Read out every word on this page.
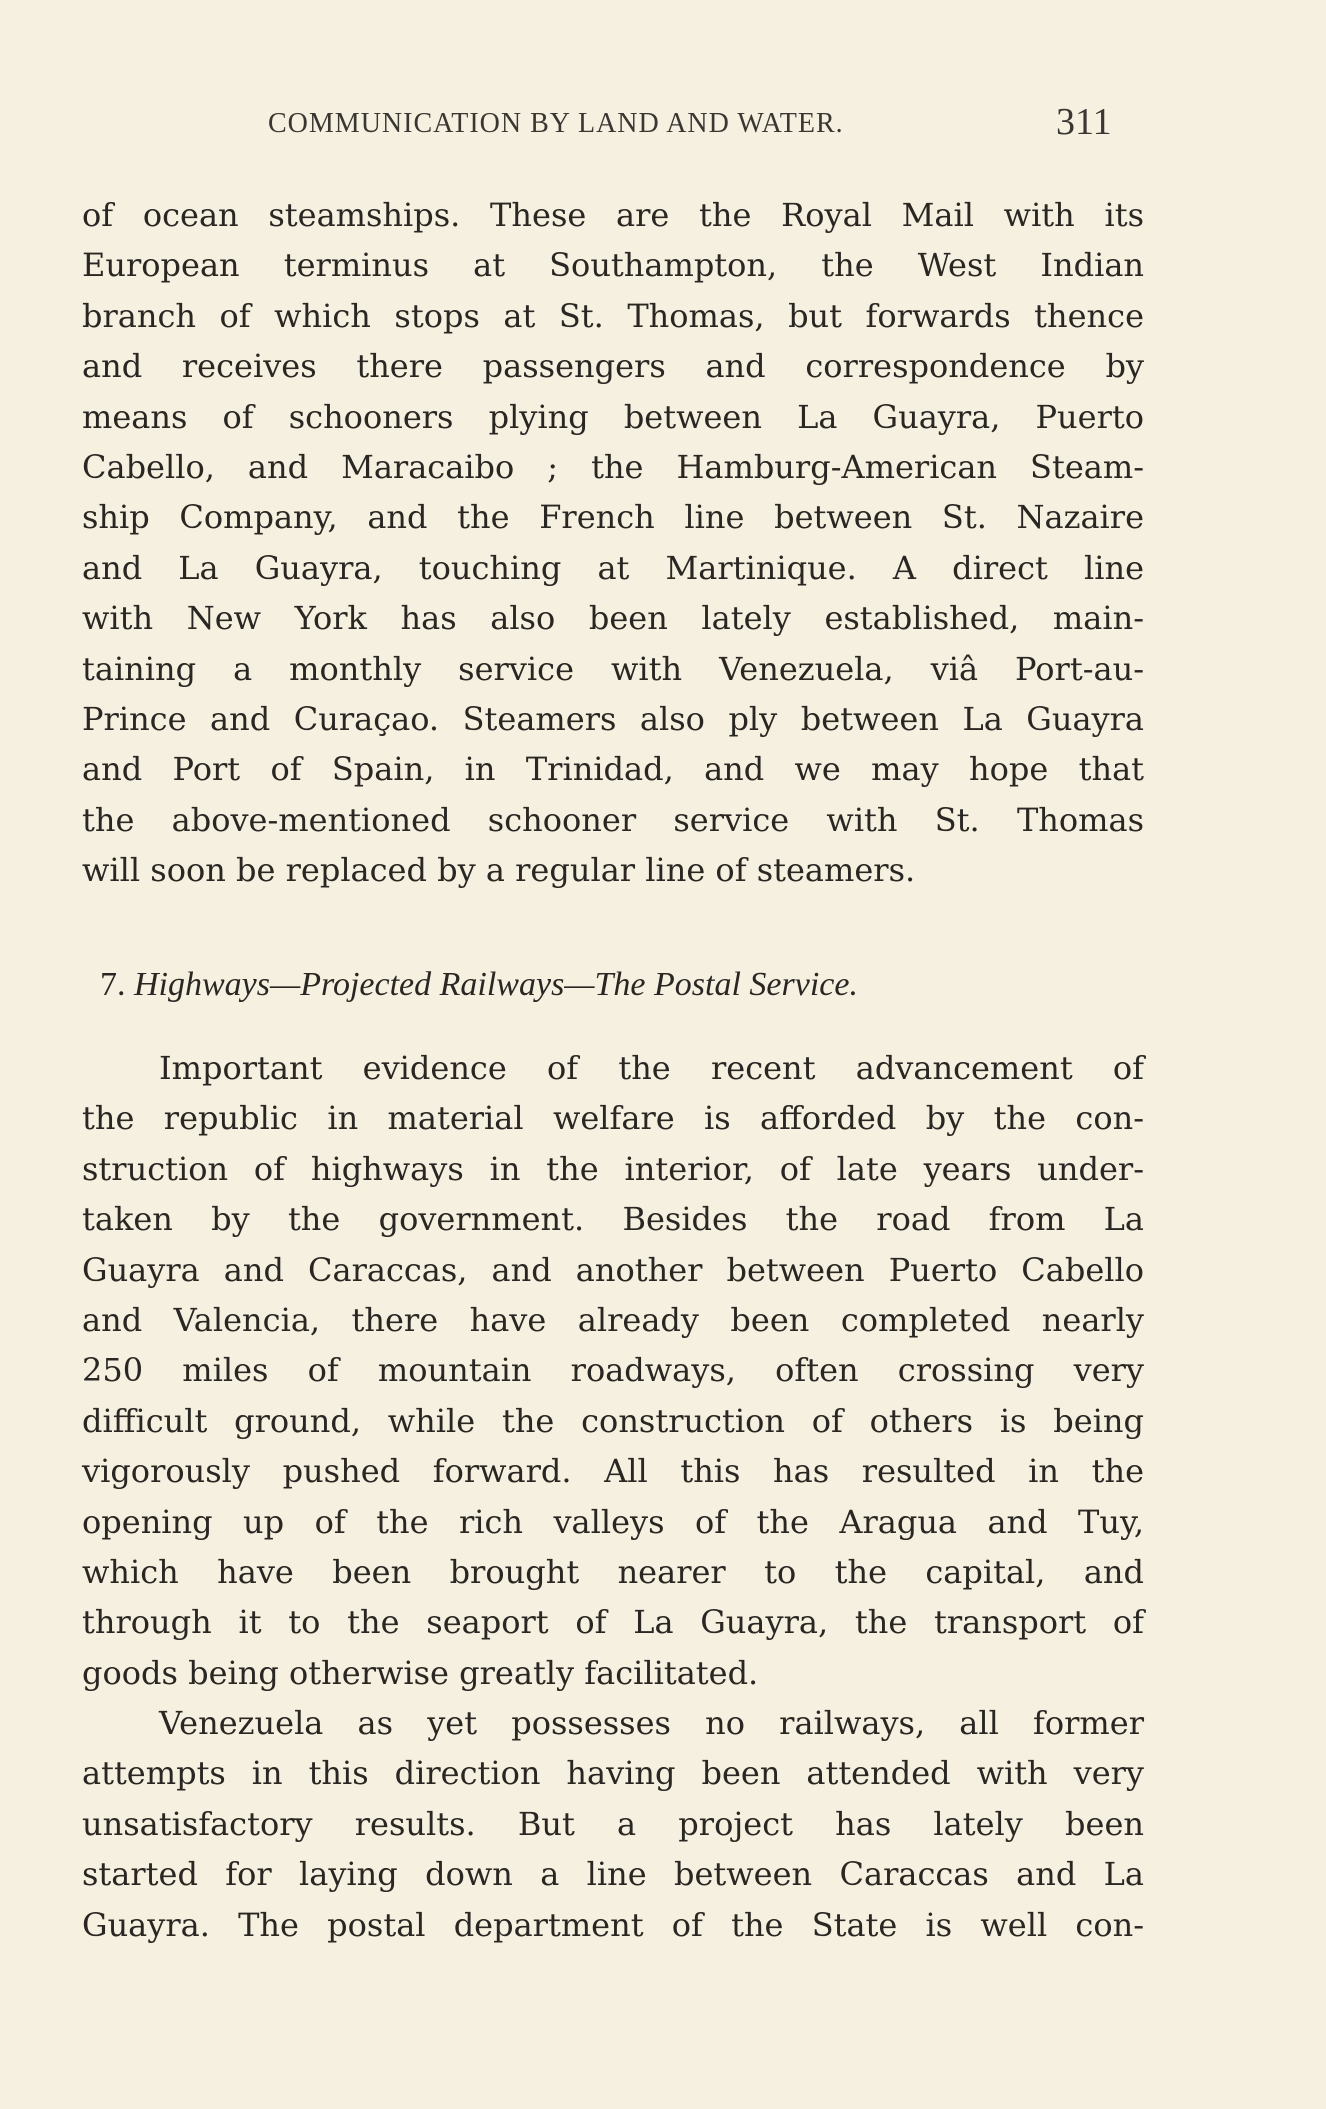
COMMUNICATION BY LAND AND WATER.	311
of ocean steamships. These are the Royal Mail with its
European terminus at Southampton, the West Indian
branch of which stops at St. Thomas, but forwards thence
and receives there passengers and correspondence by
means of schooners plying between La Guayra, Puerto
Cabello, and Maracaibo ; the Hamburg-American Steam-
ship Company, and the French line between St. Nazaire
and La Guayra, touching at Martinique. A direct line
with New York has also been lately established, main-
taining a monthly service with Venezuela, viâ Port-au-
Prince and Curaçao. Steamers also ply between La Guayra
and Port of Spain, in Trinidad, and we may hope that
the above-mentioned schooner service with St. Thomas
will soon be replaced by a regular line of steamers.
7. Highways—Projected Railways—The Postal Service.
Important evidence of the recent advancement of
the republic in material welfare is afforded by the con-
struction of highways in the interior, of late years under-
taken by the government. Besides the road from La
Guayra and Caraccas, and another between Puerto Cabello
and Valencia, there have already been completed nearly
250 miles of mountain roadways, often crossing very
difficult ground, while the construction of others is being
vigorously pushed forward. All this has resulted in the
opening up of the rich valleys of the Aragua and Tuy,
which have been brought nearer to the capital, and
through it to the seaport of La Guayra, the transport of
goods being otherwise greatly facilitated.
Venezuela as yet possesses no railways, all former
attempts in this direction having been attended with very
unsatisfactory results. But a project has lately been
started for laying down a line between Caraccas and La
Guayra. The postal department of the State is well con-
